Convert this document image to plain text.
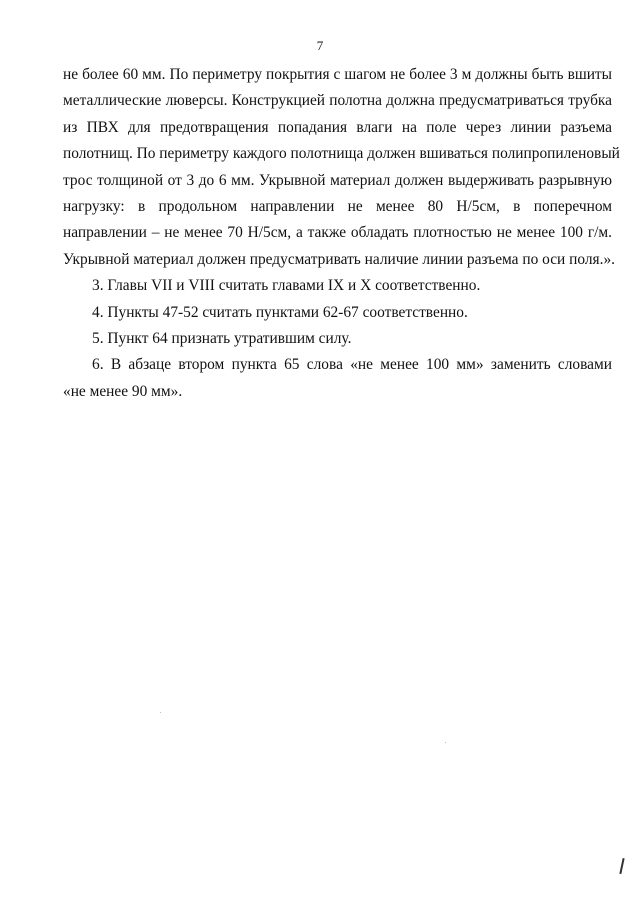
7
не более 60 мм. По периметру покрытия с шагом не более 3 м должны быть вшиты
металлические люверсы. Конструкцией полотна должна предусматриваться трубка
из ПВХ для предотвращения попадания влаги на поле через линии разъема
полотнищ. По периметру каждого полотнища должен вшиваться полипропиленовый
трос толщиной от 3 до 6 мм. Укрывной материал должен выдерживать разрывную
нагрузку: в продольном направлении не менее 80 Н/5см, в поперечном
направлении – не менее 70 Н/5см, а также обладать плотностью не менее 100 г/м.
Укрывной материал должен предусматривать наличие линии разъема по оси поля.».
3. Главы VII и VIII считать главами IX и X соответственно.
4. Пункты 47-52 считать пунктами 62-67 соответственно.
5. Пункт 64 признать утратившим силу.
6. В абзаце втором пункта 65 слова «не менее 100 мм» заменить словами
«не менее 90 мм».
